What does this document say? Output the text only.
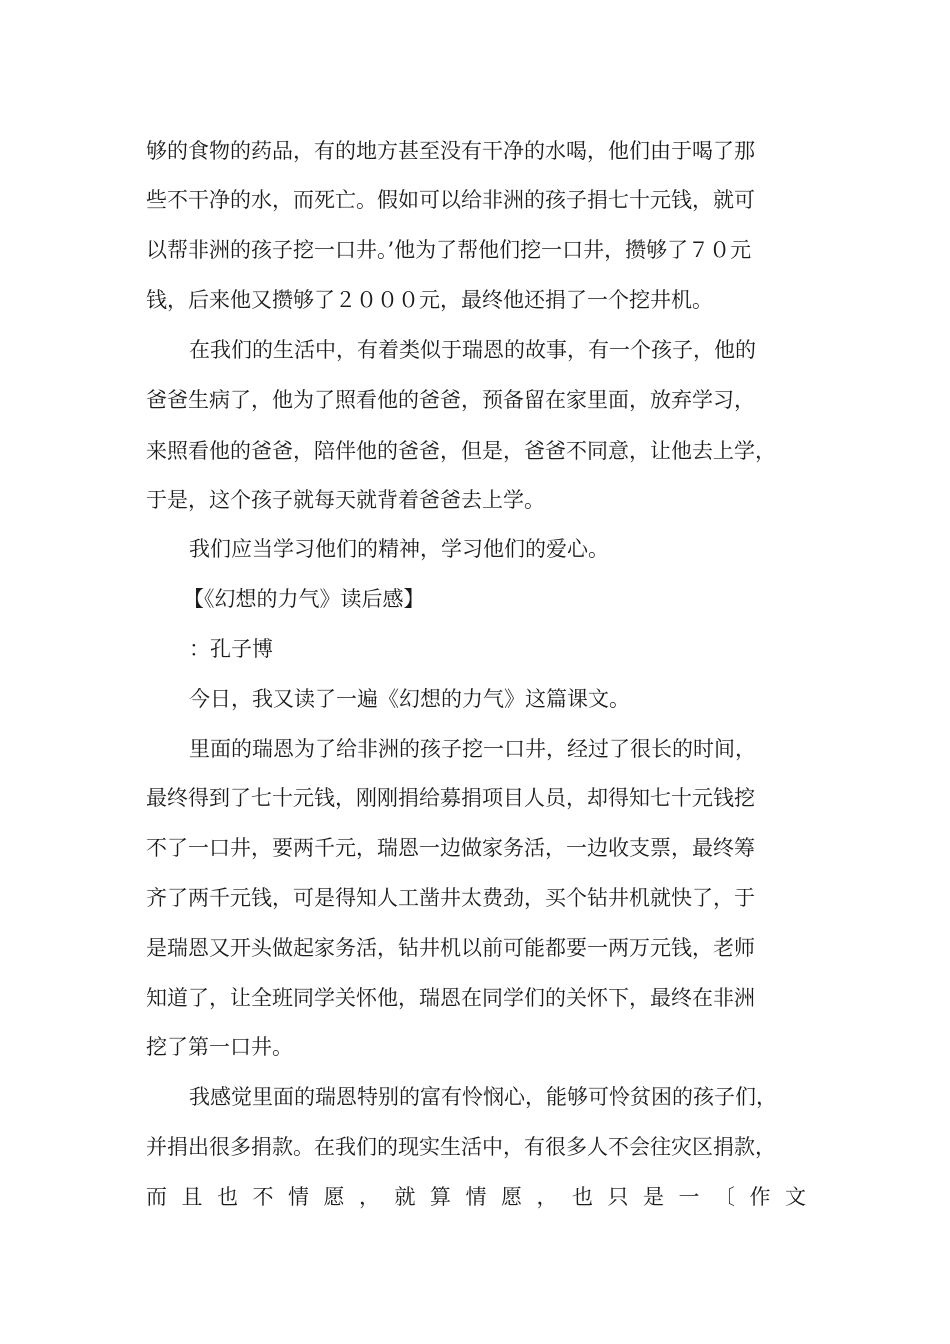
够的食物的药品，有的地方甚至没有干净的水喝，他们由于喝了那

些不干净的水，而死亡。假如可以给非洲的孩子捐七十元钱，就可

以帮非洲的孩子挖一口井。’他为了帮他们挖一口井，攒够了７０元

钱，后来他又攒够了２０００元，最终他还捐了一个挖井机。

在我们的生活中，有着类似于瑞恩的故事，有一个孩子，他的

爸爸生病了，他为了照看他的爸爸，预备留在家里面，放弃学习，

来照看他的爸爸，陪伴他的爸爸，但是，爸爸不同意，让他去上学，

于是，这个孩子就每天就背着爸爸去上学。

我们应当学习他们的精神，学习他们的爱心。

【《幻想的力气》读后感】

：孔子博

今日，我又读了一遍《幻想的力气》这篇课文。

里面的瑞恩为了给非洲的孩子挖一口井，经过了很长的时间，

最终得到了七十元钱，刚刚捐给募捐项目人员，却得知七十元钱挖

不了一口井，要两千元，瑞恩一边做家务活，一边收支票，最终筹

齐了两千元钱，可是得知人工凿井太费劲，买个钻井机就快了，于

是瑞恩又开头做起家务活，钻井机以前可能都要一两万元钱，老师

知道了，让全班同学关怀他，瑞恩在同学们的关怀下，最终在非洲

挖了第一口井。

我感觉里面的瑞恩特别的富有怜悯心，能够可怜贫困的孩子们，

并捐出很多捐款。在我们的现实生活中，有很多人不会往灾区捐款，

而 且 也 不 情 愿 ， 就 算 情 愿 ， 也 只 是 一 〔 作 文
